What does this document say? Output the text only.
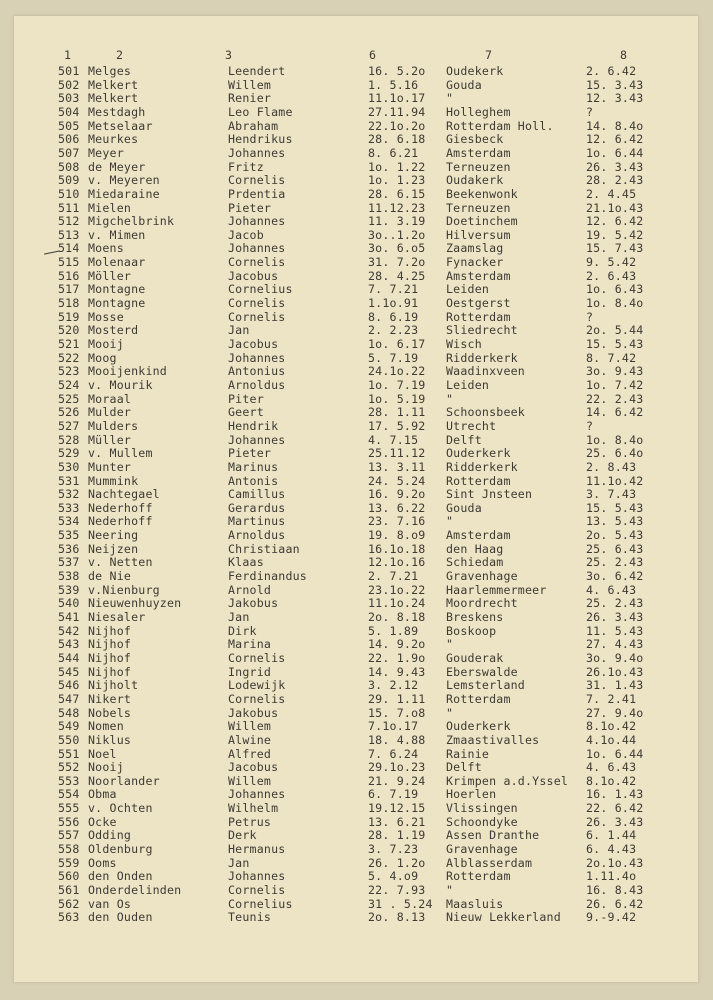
1	2	3	6	7	8
501 Melges	Leendert	16. 5.2o Oudekerk	2. 6.42
502 Melkert	Willem	1. 5.16 Gouda	15. 3.43
503 Melkert	Renier	11.1o.17 "	12. 3.43
504 Mestdagh	Leo Flame	27.11.94 Holleghem	?
505 Metselaar	Abraham	22.1o.2o Rotterdam Holl.	14. 8.4o
506 Meurkes	Hendrikus	28. 6.18 Giesbeck	12. 6.42
507 Meyer	Johannes	8. 6.21 Amsterdam	1o. 6.44
508 de Meyer	Fritz	1o. 1.22 Terneuzen	26. 3.43
509 v. Meyeren	Cornelis	1o. 1.23 Oudakerk	28. 2.43
510 Miedaraine	Prdentia	28. 6.15 Beekenwonk	2. 4.45
511 Mielen	Pieter	11.12.23 Terneuzen	21.1o.43
512 Migchelbrink	Johannes	11. 3.19 Doetinchem	12. 6.42
513 v. Mimen	Jacob	3o..1.2o Hilversum	19. 5.42
514 Moens	Johannes	3o. 6.o5 Zaamslag	15. 7.43
515 Molenaar	Cornelis	31. 7.2o Fynacker	9. 5.42
516 Möller	Jacobus	28. 4.25 Amsterdam	2. 6.43
517 Montagne	Cornelius	7. 7.21 Leiden	1o. 6.43
518 Montagne	Cornelis	1.1o.91 Oestgerst	1o. 8.4o
519 Mosse	Cornelis	8. 6.19 Rotterdam	?
520 Mosterd	Jan	2. 2.23 Sliedrecht	2o. 5.44
521 Mooij	Jacobus	1o. 6.17 Wisch	15. 5.43
522 Moog	Johannes	5. 7.19 Ridderkerk	8. 7.42
523 Mooijenkind	Antonius	24.1o.22 Waadinxveen	3o. 9.43
524 v. Mourik	Arnoldus	1o. 7.19 Leiden	1o. 7.42
525 Moraal	Piter	1o. 5.19 "	22. 2.43
526 Mulder	Geert	28. 1.11 Schoonsbeek	14. 6.42
527 Mulders	Hendrik	17. 5.92 Utrecht	?
528 Müller	Johannes	4. 7.15 Delft	1o. 8.4o
529 v. Mullem	Pieter	25.11.12 Ouderkerk	25. 6.4o
530 Munter	Marinus	13. 3.11 Ridderkerk	2. 8.43
531 Mummink	Antonis	24. 5.24 Rotterdam	11.1o.42
532 Nachtegael	Camillus	16. 9.2o Sint Jnsteen	3. 7.43
533 Nederhoff	Gerardus	13. 6.22 Gouda	15. 5.43
534 Nederhoff	Martinus	23. 7.16 "	13. 5.43
535 Neering	Arnoldus	19. 8.o9 Amsterdam	2o. 5.43
536 Neijzen	Christiaan	16.1o.18 den Haag	25. 6.43
537 v. Netten	Klaas	12.1o.16 Schiedam	25. 2.43
538 de Nie	Ferdinandus	2. 7.21 Gravenhage	3o. 6.42
539 v.Nienburg	Arnold	23.1o.22 Haarlemmermeer	4. 6.43
540 Nieuwenhuyzen	Jakobus	11.1o.24 Moordrecht	25. 2.43
541 Niesaler	Jan	2o. 8.18 Breskens	26. 3.43
542 Nijhof	Dirk	5. 1.89 Boskoop	11. 5.43
543 Nijhof	Marina	14. 9.2o "	27. 4.43
544 Nijhof	Cornelis	22. 1.9o Gouderak	3o. 9.4o
545 Nijhof	Ingrid	14. 9.43 Eberswalde	26.1o.43
546 Nijholt	Lodewijk	3. 2.12 Lemsterland	31. 1.43
547 Nikert	Cornelis	29. 1.11 Rotterdam	7. 2.41
548 Nobels	Jakobus	15. 7.o8 "	27. 9.4o
549 Nomen	Willem	7.1o.17 Ouderkerk	8.1o.42
550 Niklus	Alwine	18. 4.88 Zmaastivalles	4.1o.44
551 Noel	Alfred	7. 6.24 Rainie	1o. 6.44
552 Nooij	Jacobus	29.1o.23 Delft	4. 6.43
553 Noorlander	Willem	21. 9.24 Krimpen a.d.Yssel 8.1o.42
554 Obma	Johannes	6. 7.19 Hoerlen	16. 1.43
555 v. Ochten	Wilhelm	19.12.15 Vlissingen	22. 6.42
556 Ocke	Petrus	13. 6.21 Schoondyke	26. 3.43
557 Odding	Derk	28. 1.19 Assen Dranthe	6. 1.44
558 Oldenburg	Hermanus	3. 7.23 Gravenhage	6. 4.43
559 Ooms	Jan	26. 1.2o Alblasserdam	2o.1o.43
560 den Onden	Johannes	5. 4.o9 Rotterdam	1.11.4o
561 Onderdelinden	Cornelis	22. 7.93 "	16. 8.43
562 van Os	Cornelius	31 . 5.24 Maasluis	26. 6.42
563 den Ouden	Teunis	2o. 8.13 Nieuw Lekkerland 9.-9.42
